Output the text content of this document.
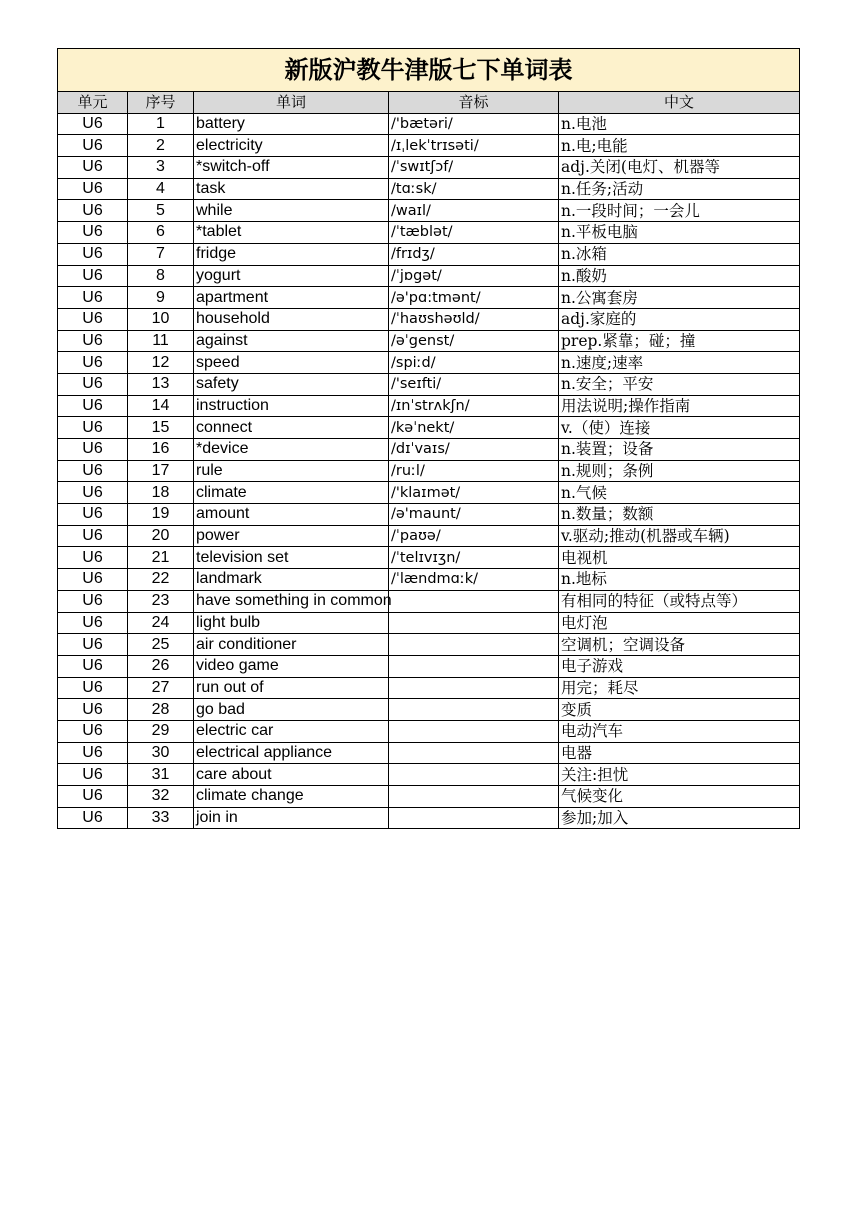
新版沪教牛津版七下单词表				
单元	序号	单词	音标	中文
U6	1	battery	/'bætəri/	n.电池
U6	2	electricity	/ɪˌlekˈtrɪsəti/	n.电;电能
U6	3	*switch-off	/ˈswɪtʃɔf/	adj.关闭(电灯、机器等
U6	4	task	/tɑːsk/	n.任务;活动
U6	5	while	/waɪl/	n.一段时间；一会儿
U6	6	*tablet	/ˈtæblət/	n.平板电脑
U6	7	fridge	/frɪdʒ/	n.冰箱
U6	8	yogurt	/ˈjɒgət/	n.酸奶
U6	9	apartment	/ə'pɑ:tmənt/	n.公寓套房
U6	10	household	/ˈhaʊshəʊld/	adj.家庭的
U6	11	against	/əˈgenst/	prep.紧靠；碰；撞
U6	12	speed	/spiːd/	n.速度;速率
U6	13	safety	/'seɪfti/	n.安全；平安
U6	14	instruction	/ɪnˈstrʌkʃn/	用法说明;操作指南
U6	15	connect	/kəˈnekt/	v.（使）连接
U6	16	*device	/dɪˈvaɪs/	n.装置；设备
U6	17	rule	/ruːl/	n.规则；条例
U6	18	climate	/'klaɪmət/	n.气候
U6	19	amount	/ə'maunt/	n.数量；数额
U6	20	power	/ˈpaʊə/	v.驱动;推动(机器或车辆)
U6	21	television set	/ˈtelɪvɪʒn/	电视机
U6	22	landmark	/ˈlændmɑːk/	n.地标
U6	23	have something in common		有相同的特征（或特点等）
U6	24	light bulb		电灯泡
U6	25	air conditioner		空调机；空调设备
U6	26	video game		电子游戏
U6	27	run out of		用完；耗尽
U6	28	go bad		变质
U6	29	electric car		电动汽车
U6	30	electrical appliance		电器
U6	31	care about		关注:担忧
U6	32	climate change		气候变化
U6	33	join in		参加;加入
